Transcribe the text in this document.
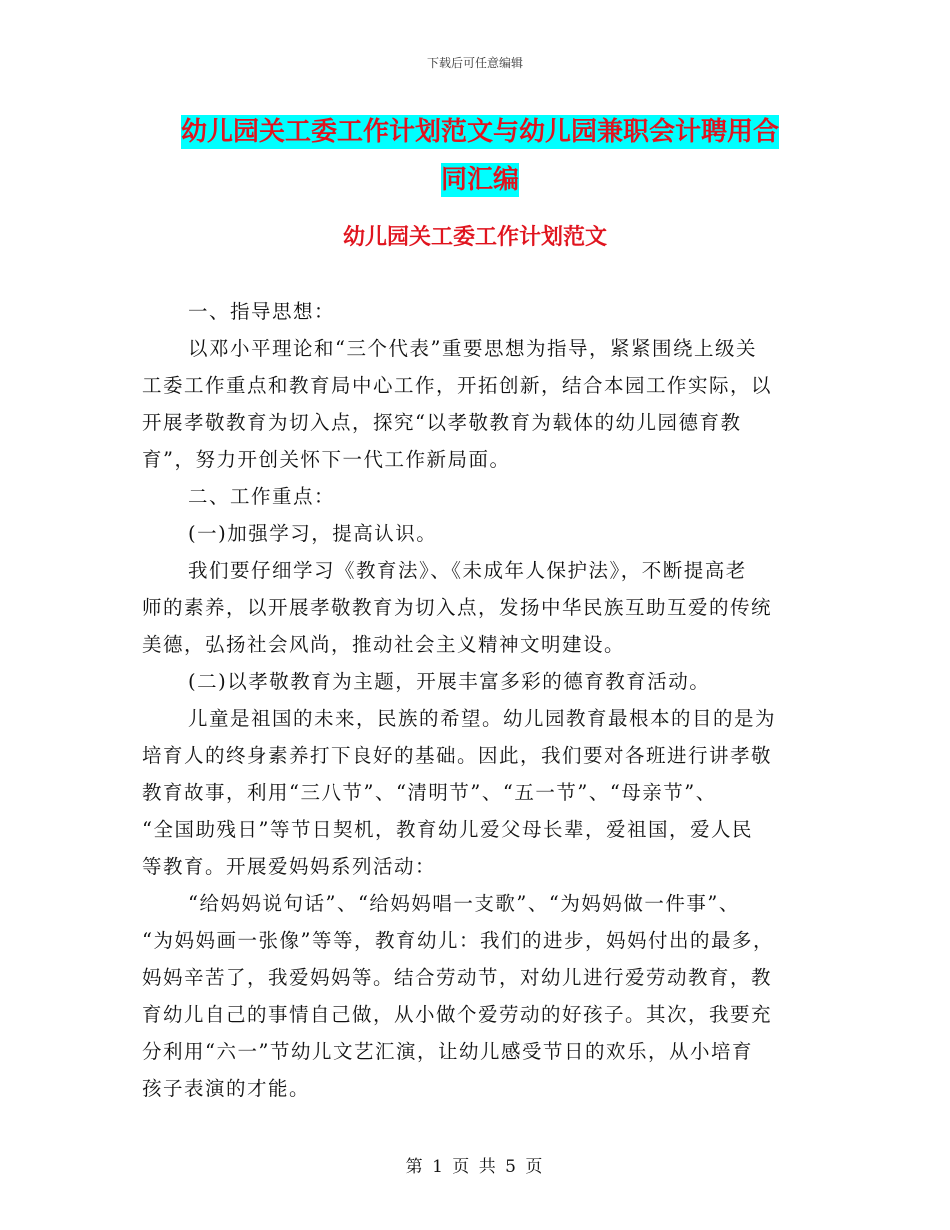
下载后可任意编辑
幼儿园关工委工作计划范文与幼儿园兼职会计聘用合
同汇编
幼儿园关工委工作计划范文

一、指导思想：

以邓小平理论和“三个代表”重要思想为指导，紧紧围绕上级关

工委工作重点和教育局中心工作，开拓创新，结合本园工作实际，以

开展孝敬教育为切入点，探究“以孝敬教育为载体的幼儿园德育教

育”，努力开创关怀下一代工作新局面。

二、工作重点：

(一)加强学习，提高认识。

我们要仔细学习《教育法》、《未成年人保护法》，不断提高老

师的素养，以开展孝敬教育为切入点，发扬中华民族互助互爱的传统

美德，弘扬社会风尚，推动社会主义精神文明建设。

(二)以孝敬教育为主题，开展丰富多彩的德育教育活动。

儿童是祖国的未来，民族的希望。幼儿园教育最根本的目的是为

培育人的终身素养打下良好的基础。因此，我们要对各班进行讲孝敬

教育故事，利用“三八节”、“清明节”、“五一节”、“母亲节”、

“全国助残日”等节日契机，教育幼儿爱父母长辈，爱祖国，爱人民

等教育。开展爱妈妈系列活动：

“给妈妈说句话”、“给妈妈唱一支歌”、“为妈妈做一件事”、

“为妈妈画一张像”等等，教育幼儿：我们的进步，妈妈付出的最多，

妈妈辛苦了，我爱妈妈等。结合劳动节，对幼儿进行爱劳动教育，教

育幼儿自己的事情自己做，从小做个爱劳动的好孩子。其次，我要充

分利用“六一”节幼儿文艺汇演，让幼儿感受节日的欢乐，从小培育

孩子表演的才能。

第 1 页 共 5 页
